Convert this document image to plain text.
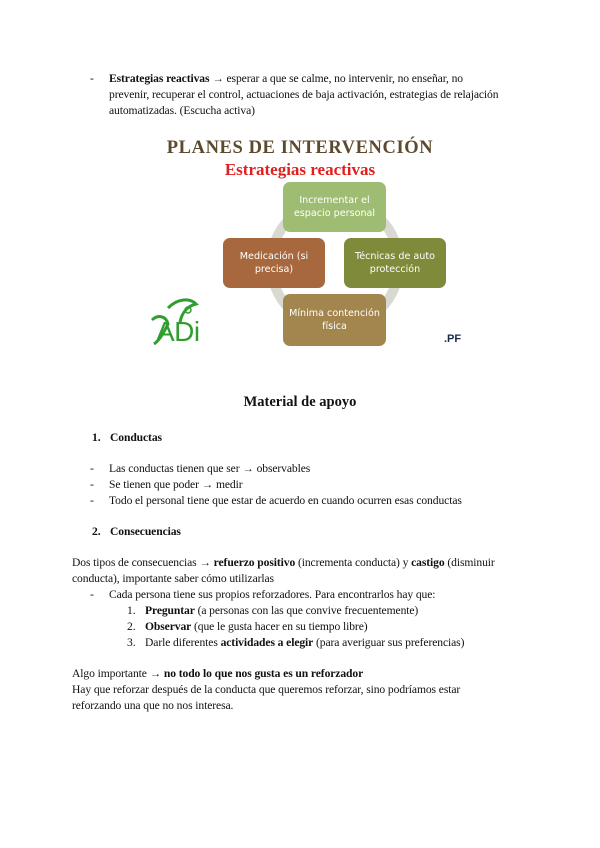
- Estrategias reactivas → esperar a que se calme, no intervenir, no enseñar, no
prevenir, recuperar el control, actuaciones de baja activación, estrategias de relajación
automatizadas. (Escucha activa)
PLANES DE INTERVENCIÓN
Estrategias reactivas
Incrementar el espacio personal
Técnicas de auto protección
Mínima contención física
Medicación (si precisa)
ADi	.PF
Material de apoyo
1. Conductas
- Las conductas tienen que ser → observables
- Se tienen que poder → medir
- Todo el personal tiene que estar de acuerdo en cuando ocurren esas conductas
2. Consecuencias
Dos tipos de consecuencias → refuerzo positivo (incrementa conducta) y castigo (disminuir
conducta), importante saber cómo utilizarlas
- Cada persona tiene sus propios reforzadores. Para encontrarlos hay que:
1. Preguntar (a personas con las que convive frecuentemente)
2. Observar (que le gusta hacer en su tiempo libre)
3. Darle diferentes actividades a elegir (para averiguar sus preferencias)
Algo importante → no todo lo que nos gusta es un reforzador
Hay que reforzar después de la conducta que queremos reforzar, sino podríamos estar
reforzando una que no nos interesa.
